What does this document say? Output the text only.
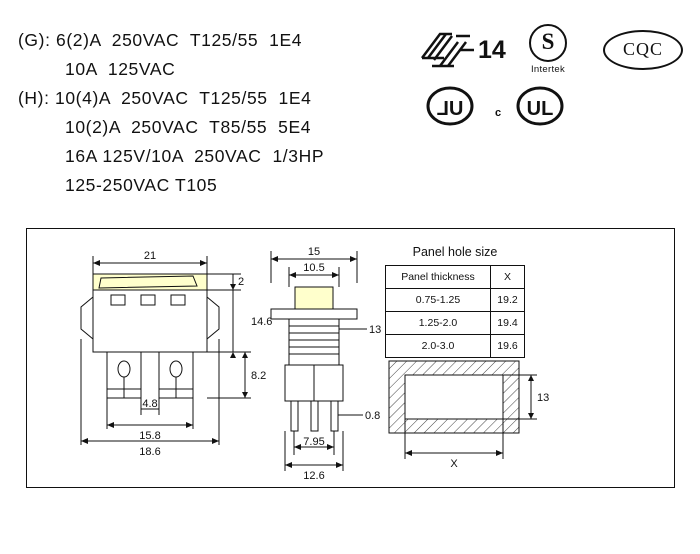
(G): 6(2)A  250VAC  T125/55  1E4
10A  125VAC
(H): 10(4)A  250VAC  T125/55  1E4
10(2)A  250VAC  T85/55  5E4
16A 125V/10A  250VAC  1/3HP
125-250VAC T105
14	S
Intertek
CQC
UL	UL
c
21
14.6
2
8.2
4.8
15.8
18.6
15
10.5
13
0.8
7.95
12.6
13
X
Panel hole size
Panel thickness	X
0.75-1.25	19.2
1.25-2.0	19.4
2.0-3.0	19.6
